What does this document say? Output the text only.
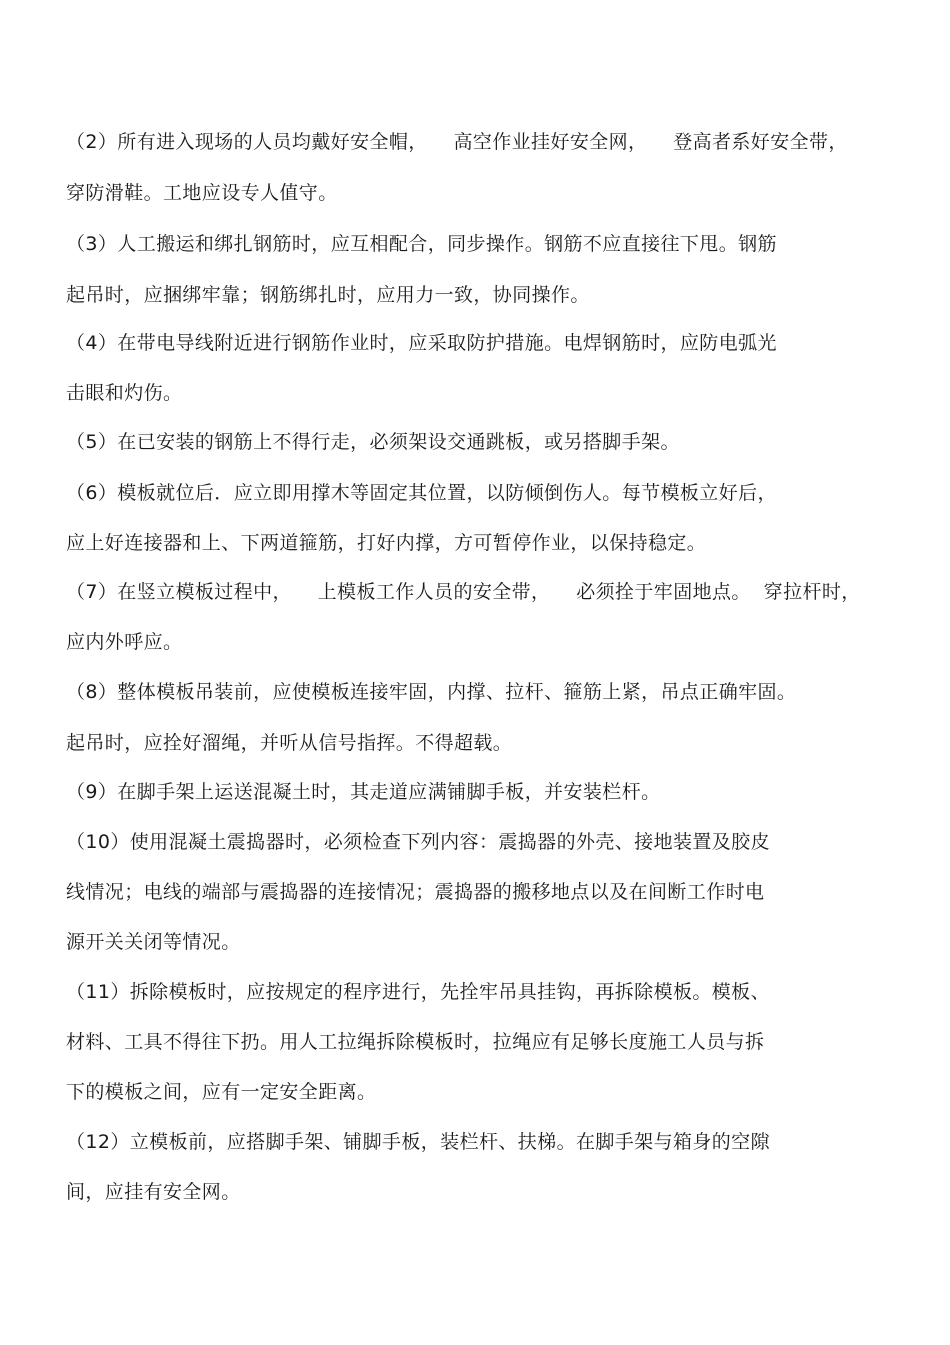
（2）所有进入现场的人员均戴好安全帽，    高空作业挂好安全网，    登高者系好安全带，
穿防滑鞋。工地应设专人值守。
（3）人工搬运和绑扎钢筋时，应互相配合，同步操作。钢筋不应直接往下甩。钢筋
起吊时，应捆绑牢靠；钢筋绑扎时，应用力一致，协同操作。
（4）在带电导线附近进行钢筋作业时，应采取防护措施。电焊钢筋时，应防电弧光
击眼和灼伤。
（5）在已安装的钢筋上不得行走，必须架设交通跳板，或另搭脚手架。
（6）模板就位后．应立即用撑木等固定其位置，以防倾倒伤人。每节模板立好后，
应上好连接器和上、下两道箍筋，打好内撑，方可暂停作业，以保持稳定。
（7）在竖立模板过程中，    上模板工作人员的安全带，    必须拴于牢固地点。  穿拉杆时，
应内外呼应。
（8）整体模板吊装前，应使模板连接牢固，内撑、拉杆、箍筋上紧，吊点正确牢固。
起吊时，应拴好溜绳，并听从信号指挥。不得超载。
（9）在脚手架上运送混凝土时，其走道应满铺脚手板，并安装栏杆。
（10）使用混凝土震捣器时，必须检查下列内容：震捣器的外壳、接地装置及胶皮
线情况；电线的端部与震捣器的连接情况；震捣器的搬移地点以及在间断工作时电
源开关关闭等情况。
（11）拆除模板时，应按规定的程序进行，先拴牢吊具挂钩，再拆除模板。模板、
材料、工具不得往下扔。用人工拉绳拆除模板时，拉绳应有足够长度施工人员与拆
下的模板之间，应有一定安全距离。
（12）立模板前，应搭脚手架、铺脚手板，装栏杆、扶梯。在脚手架与箱身的空隙
间，应挂有安全网。
